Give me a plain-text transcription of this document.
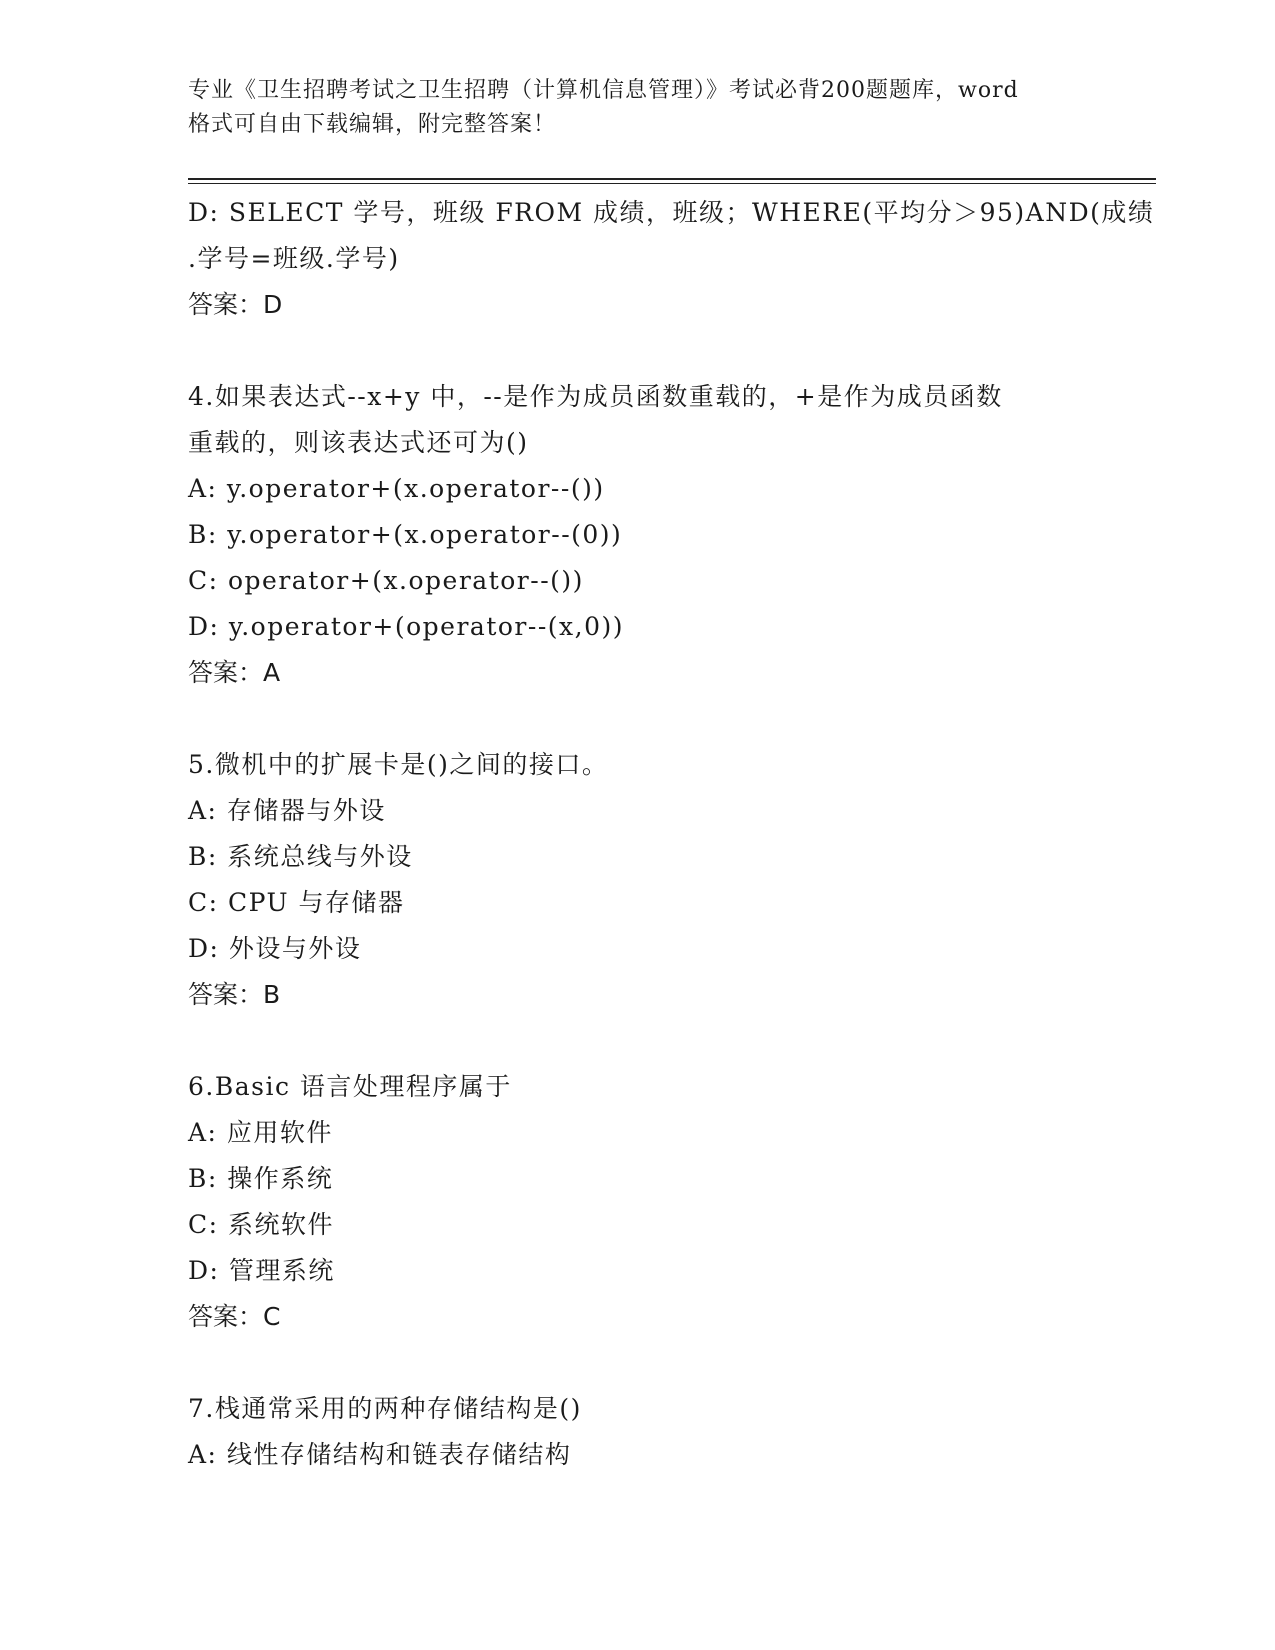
专业《卫生招聘考试之卫生招聘（计算机信息管理）》考试必背200题题库，word
格式可自由下载编辑，附完整答案！
D: SELECT 学号，班级 FROM 成绩，班级；WHERE(平均分＞95)AND(成绩
.学号=班级.学号)
答案：D
4.如果表达式--x+y 中，--是作为成员函数重载的，+是作为成员函数
重载的，则该表达式还可为()
A: y.operator+(x.operator--())
B: y.operator+(x.operator--(0))
C: operator+(x.operator--())
D: y.operator+(operator--(x,0))
答案：A
5.微机中的扩展卡是()之间的接口。
A: 存储器与外设
B: 系统总线与外设
C: CPU 与存储器
D: 外设与外设
答案：B
6.Basic 语言处理程序属于
A: 应用软件
B: 操作系统
C: 系统软件
D: 管理系统
答案：C
7.栈通常采用的两种存储结构是()
A: 线性存储结构和链表存储结构
